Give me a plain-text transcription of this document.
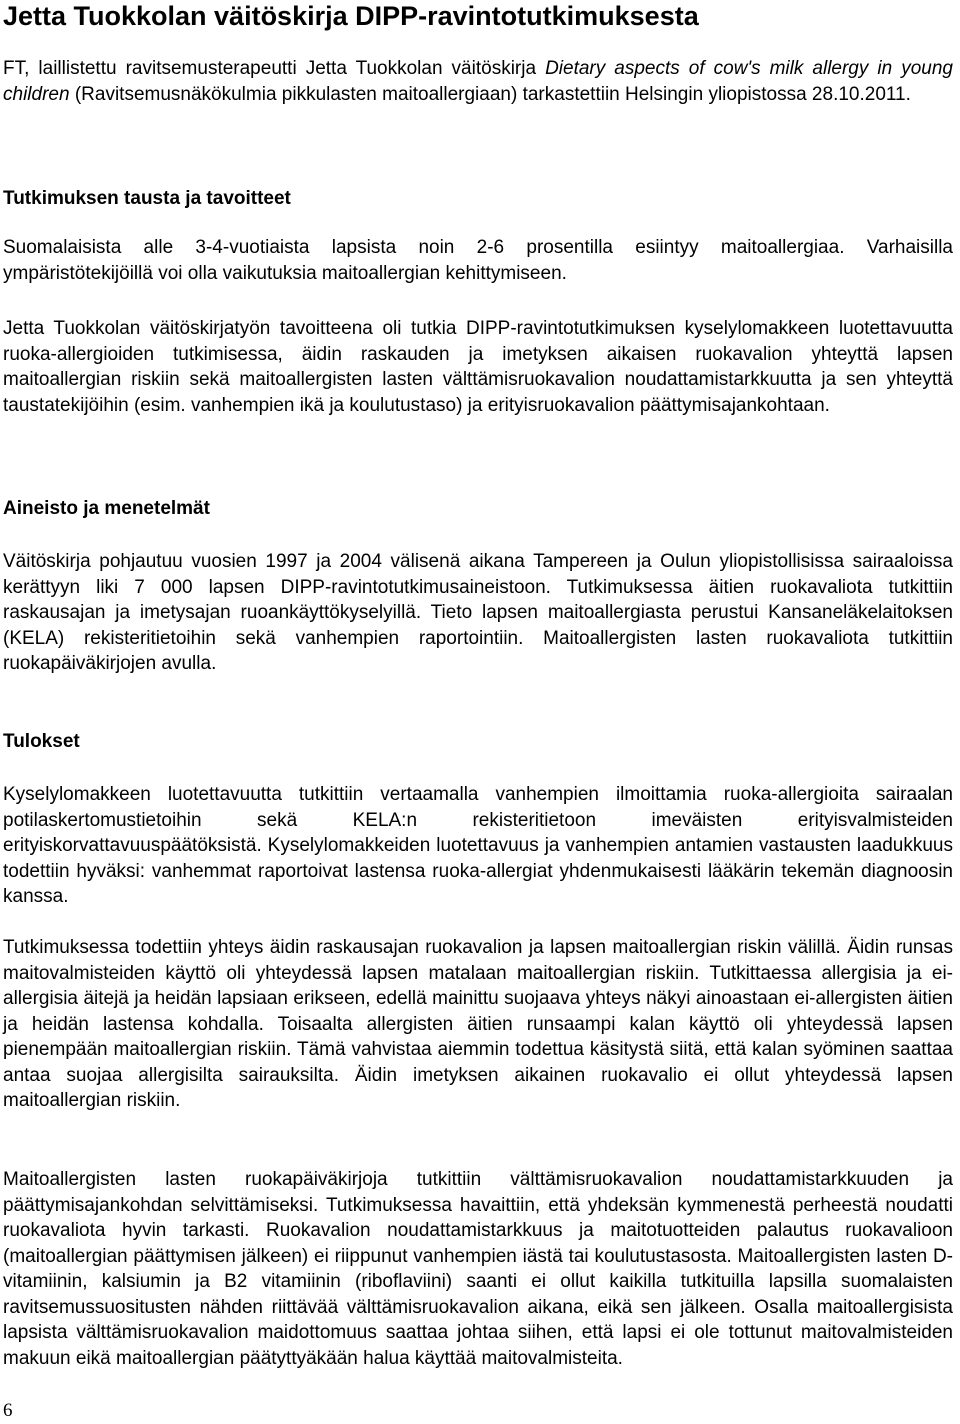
Jetta Tuokkolan väitöskirja DIPP-ravintotutkimuksesta

FT, laillistettu ravitsemusterapeutti Jetta Tuokkolan väitöskirja Dietary aspects of cow's milk allergy in young children (Ravitsemusnäkökulmia pikkulasten maitoallergiaan) tarkastettiin Helsingin yliopistossa 28.10.2011.

Tutkimuksen tausta ja tavoitteet

Suomalaisista alle 3-4-vuotiaista lapsista noin 2-6 prosentilla esiintyy maitoallergiaa. Varhaisilla ympäristötekijöillä voi olla vaikutuksia maitoallergian kehittymiseen.

Jetta Tuokkolan väitöskirjatyön tavoitteena oli tutkia DIPP-ravintotutkimuksen kyselylomakkeen luotettavuutta ruoka-allergioiden tutkimisessa, äidin raskauden ja imetyksen aikaisen ruokavalion yhteyttä lapsen maitoallergian riskiin sekä maitoallergisten lasten välttämisruokavalion noudattamistarkkuutta ja sen yhteyttä taustatekijöihin (esim. vanhempien ikä ja koulutustaso) ja erityisruokavalion päättymisajankohtaan.

Aineisto ja menetelmät

Väitöskirja pohjautuu vuosien 1997 ja 2004 välisenä aikana Tampereen ja Oulun yliopistollisissa sairaaloissa kerättyyn liki 7 000 lapsen DIPP-ravintotutkimusaineistoon. Tutkimuksessa äitien ruokavaliota tutkittiin raskausajan ja imetysajan ruoankäyttökyselyillä. Tieto lapsen maitoallergiasta perustui Kansaneläkelaitoksen (KELA) rekisteritietoihin sekä vanhempien raportointiin. Maitoallergisten lasten ruokavaliota tutkittiin ruokapäiväkirjojen avulla.

Tulokset

Kyselylomakkeen luotettavuutta tutkittiin vertaamalla vanhempien ilmoittamia ruoka-allergioita sairaalan potilaskertomustietoihin sekä KELA:n rekisteritietoon imeväisten erityisvalmisteiden erityiskorvattavuuspäätöksistä. Kyselylomakkeiden luotettavuus ja vanhempien antamien vastausten laadukkuus todettiin hyväksi: vanhemmat raportoivat lastensa ruoka-allergiat yhdenmukaisesti lääkärin tekemän diagnoosin kanssa.

Tutkimuksessa todettiin yhteys äidin raskausajan ruokavalion ja lapsen maitoallergian riskin välillä. Äidin runsas maitovalmisteiden käyttö oli yhteydessä lapsen matalaan maitoallergian riskiin. Tutkittaessa allergisia ja ei-allergisia äitejä ja heidän lapsiaan erikseen, edellä mainittu suojaava yhteys näkyi ainoastaan ei-allergisten äitien ja heidän lastensa kohdalla. Toisaalta allergisten äitien runsaampi kalan käyttö oli yhteydessä lapsen pienempään maitoallergian riskiin. Tämä vahvistaa aiemmin todettua käsitystä siitä, että kalan syöminen saattaa antaa suojaa allergisilta sairauksilta. Äidin imetyksen aikainen ruokavalio ei ollut yhteydessä lapsen maitoallergian riskiin.

Maitoallergisten lasten ruokapäiväkirjoja tutkittiin välttämisruokavalion noudattamistarkkuuden ja päättymisajankohdan selvittämiseksi. Tutkimuksessa havaittiin, että yhdeksän kymmenestä perheestä noudatti ruokavaliota hyvin tarkasti. Ruokavalion noudattamistarkkuus ja maitotuotteiden palautus ruokavalioon (maitoallergian päättymisen jälkeen) ei riippunut vanhempien iästä tai koulutustasosta. Maitoallergisten lasten D-vitamiinin, kalsiumin ja B2 vitamiinin (riboflaviini) saanti ei ollut kaikilla tutkituilla lapsilla suomalaisten ravitsemussuositusten nähden riittävää välttämisruokavalion aikana, eikä sen jälkeen. Osalla maitoallergisista lapsista välttämisruokavalion maidottomuus saattaa johtaa siihen, että lapsi ei ole tottunut maitovalmisteiden makuun eikä maitoallergian päätyttyäkään halua käyttää maitovalmisteita.

6
